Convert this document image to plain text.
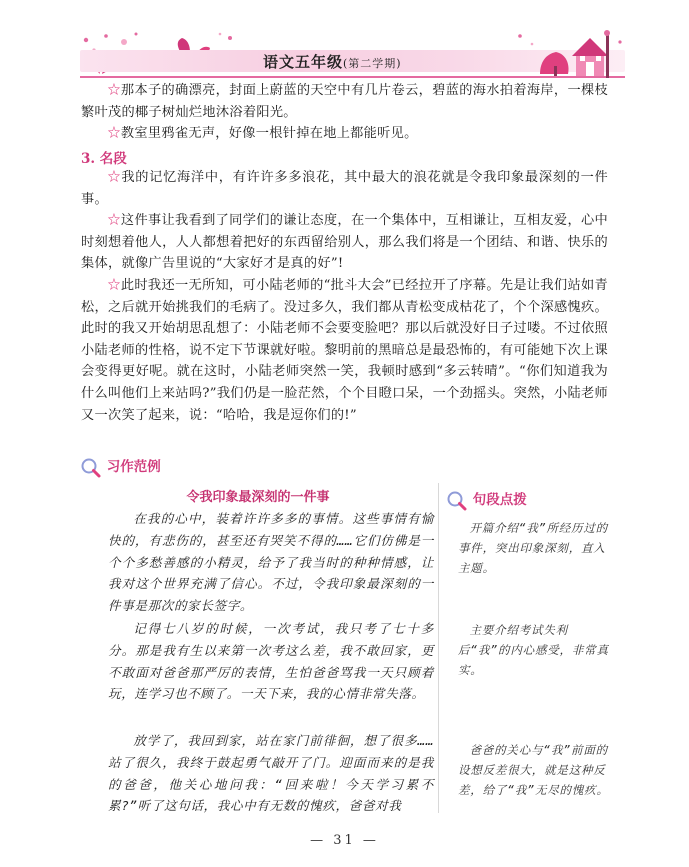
语文五年级(第二学期)
☆那本子的确漂亮，封面上蔚蓝的天空中有几片卷云，碧蓝的海水拍着海岸，一棵枝繁叶茂的椰子树灿烂地沐浴着阳光。
☆教室里鸦雀无声，好像一根针掉在地上都能听见。
3. 名段
☆我的记忆海洋中，有许许多多浪花，其中最大的浪花就是令我印象最深刻的一件事。
☆这件事让我看到了同学们的谦让态度，在一个集体中，互相谦让，互相友爱，心中时刻想着他人，人人都想着把好的东西留给别人，那么我们将是一个团结、和谐、快乐的集体，就像广告里说的“大家好才是真的好”!
☆此时我还一无所知，可小陆老师的“批斗大会”已经拉开了序幕。先是让我们站如青松，之后就开始挑我们的毛病了。没过多久，我们都从青松变成枯花了，个个深感愧疚。此时的我又开始胡思乱想了：小陆老师不会要变脸吧？那以后就没好日子过喽。不过依照小陆老师的性格，说不定下节课就好啦。黎明前的黑暗总是最恐怖的，有可能她下次上课会变得更好呢。就在这时，小陆老师突然一笑，我顿时感到“多云转晴”。“你们知道我为什么叫他们上来站吗?”我们仍是一脸茫然，个个目瞪口呆，一个劲摇头。突然，小陆老师又一次笑了起来，说：“哈哈，我是逗你们的!”
习作范例
令我印象最深刻的一件事
在我的心中，装着许许多多的事情。这些事情有愉快的，有悲伤的，甚至还有哭笑不得的……它们仿佛是一个个多愁善感的小精灵，给予了我当时的种种情感，让我对这个世界充满了信心。不过，令我印象最深刻的一件事是那次的家长签字。
记得七八岁的时候，一次考试，我只考了七十多分。那是我有生以来第一次考这么差，我不敢回家，更不敢面对爸爸那严厉的表情，生怕爸爸骂我一天只顾着玩，连学习也不顾了。一天下来，我的心情非常失落。
放学了，我回到家，站在家门前徘徊，想了很多……站了很久，我终于鼓起勇气敲开了门。迎面而来的是我的爸爸，他关心地问我：“回来啦！今天学习累不累?”听了这句话，我心中有无数的愧疚，爸爸对我
句段点拨
开篇介绍“我”所经历过的事件，突出印象深刻，直入主题。
主要介绍考试失利后“我”的内心感受，非常真实。
爸爸的关心与“我”前面的设想反差很大，就是这种反差，给了“我”无尽的愧疚。
— 31 —
